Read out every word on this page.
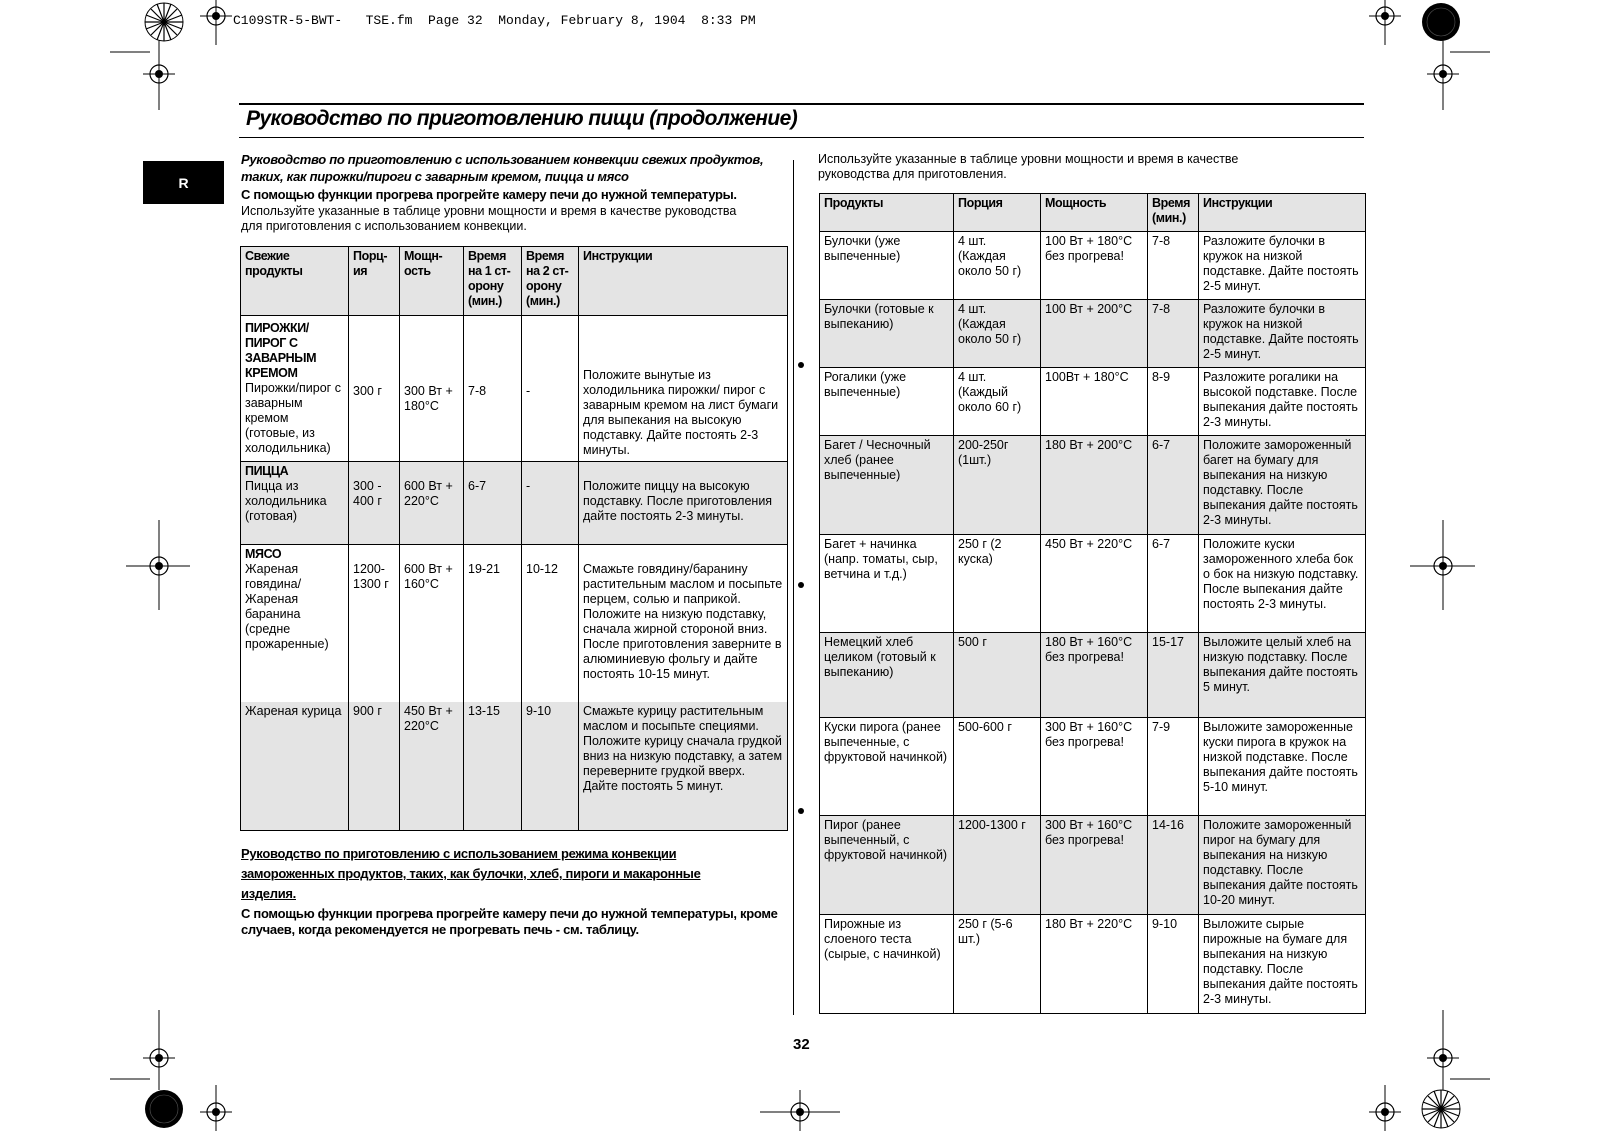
C109STR-5-BWT-   TSE.fm  Page 32  Monday, February 8, 1904  8:33 PM
Руководство по приготовлению пищи (продолжение)
R
Руководство по приготовлению с использованием конвекции свежих продуктов, таких, как пирожки/пироги с заварным кремом, пицца и мясо
С помощью функции прогрева прогрейте камеру печи до нужной температуры.
Используйте указанные в таблице уровни мощности и время в качестве руководства для приготовления с использованием конвекции.
Свежие продукты	Порц-ия	Мощн-ость	Время на 1 ст-орону (мин.)	Время на 2 ст-орону (мин.)	Инструкции

ПИРОЖКИ/ ПИРОГ С ЗАВАРНЫМ КРЕМОМ
Пирожки/пирог с заварным кремом (готовые, из холодильника)	300 г	300 Вт + 180°C	7-8	-	Положите вынутые из холодильника пирожки/ пирог с заварным кремом на лист бумаги для выпекания на высокую подставку. Дайте постоять 2-3 минуты.

ПИЦЦА
Пицца из холодильника (готовая)	300 - 400 г	600 Вт + 220°C	6-7	-	Положите пиццу на высокую подставку. После приготовления дайте постоять 2-3 минуты.

МЯСО
Жареная говядина/ Жареная баранина (средне прожаренные)	1200- 1300 г	600 Вт + 160°C	19-21	10-12	Смажьте говядину/баранину растительным маслом и посыпьте перцем, солью и паприкой. Положите на низкую подставку, сначала жирной стороной вниз. После приготовления заверните в алюминиевую фольгу и дайте постоять 10-15 минут.

Жареная курица	900 г	450 Вт + 220°C	13-15	9-10	Смажьте курицу растительным маслом и посыпьте специями. Положите курицу сначала грудкой вниз на низкую подставку, а затем переверните грудкой вверх. Дайте постоять 5 минут.
Руководство по приготовлению с использованием режима конвекции замороженных продуктов, таких, как булочки, хлеб, пироги и макаронные изделия.
С помощью функции прогрева прогрейте камеру печи до нужной температуры, кроме случаев, когда рекомендуется не прогревать печь - см. таблицу.
Используйте указанные в таблице уровни мощности и время в качестве руководства для приготовления.
Продукты	Порция	Мощность	Время (мин.)	Инструкции
Булочки (уже выпеченные)	4 шт. (Каждая около 50 г)	100 Вт + 180°C без прогрева!	7-8	Разложите булочки в кружок на низкой подставке. Дайте постоять 2-5 минут.
Булочки (готовые к выпеканию)	4 шт. (Каждая около 50 г)	100 Вт + 200°C	7-8	Разложите булочки в кружок на низкой подставке. Дайте постоять 2-5 минут.
Рогалики (уже выпеченные)	4 шт. (Каждый около 60 г)	100Вт + 180°C	8-9	Разложите рогалики на высокой подставке. После выпекания дайте постоять 2-3 минуты.
Багет / Чесночный хлеб (ранее выпеченные)	200-250г (1шт.)	180 Вт + 200°C	6-7	Положите замороженный багет на бумагу для выпекания на низкую подставку. После выпекания дайте постоять 2-3 минуты.
Багет + начинка (напр. томаты, сыр, ветчина и т.д.)	250 г (2 куска)	450 Вт + 220°C	6-7	Положите куски замороженного хлеба бок о бок на низкую подставку. После выпекания дайте постоять 2-3 минуты.
Немецкий хлеб целиком (готовый к выпеканию)	500 г	180 Вт + 160°C без прогрева!	15-17	Выложите целый хлеб на низкую подставку. После выпекания дайте постоять 5 минут.
Куски пирога (ранее выпеченные, с фруктовой начинкой)	500-600 г	300 Вт + 160°C без прогрева!	7-9	Выложите замороженные куски пирога в кружок на низкой подставке. После выпекания дайте постоять 5-10 минут.
Пирог (ранее выпеченный, с фруктовой начинкой)	1200-1300 г	300 Вт + 160°C без прогрева!	14-16	Положите замороженный пирог на бумагу для выпекания на низкую подставку. После выпекания дайте постоять 10-20 минут.
Пирожные из слоеного теста (сырые, с начинкой)	250 г (5-6 шт.)	180 Вт + 220°C	9-10	Выложите сырые пирожные на бумаге для выпекания на низкую подставку. После выпекания дайте постоять 2-3 минуты.
32
